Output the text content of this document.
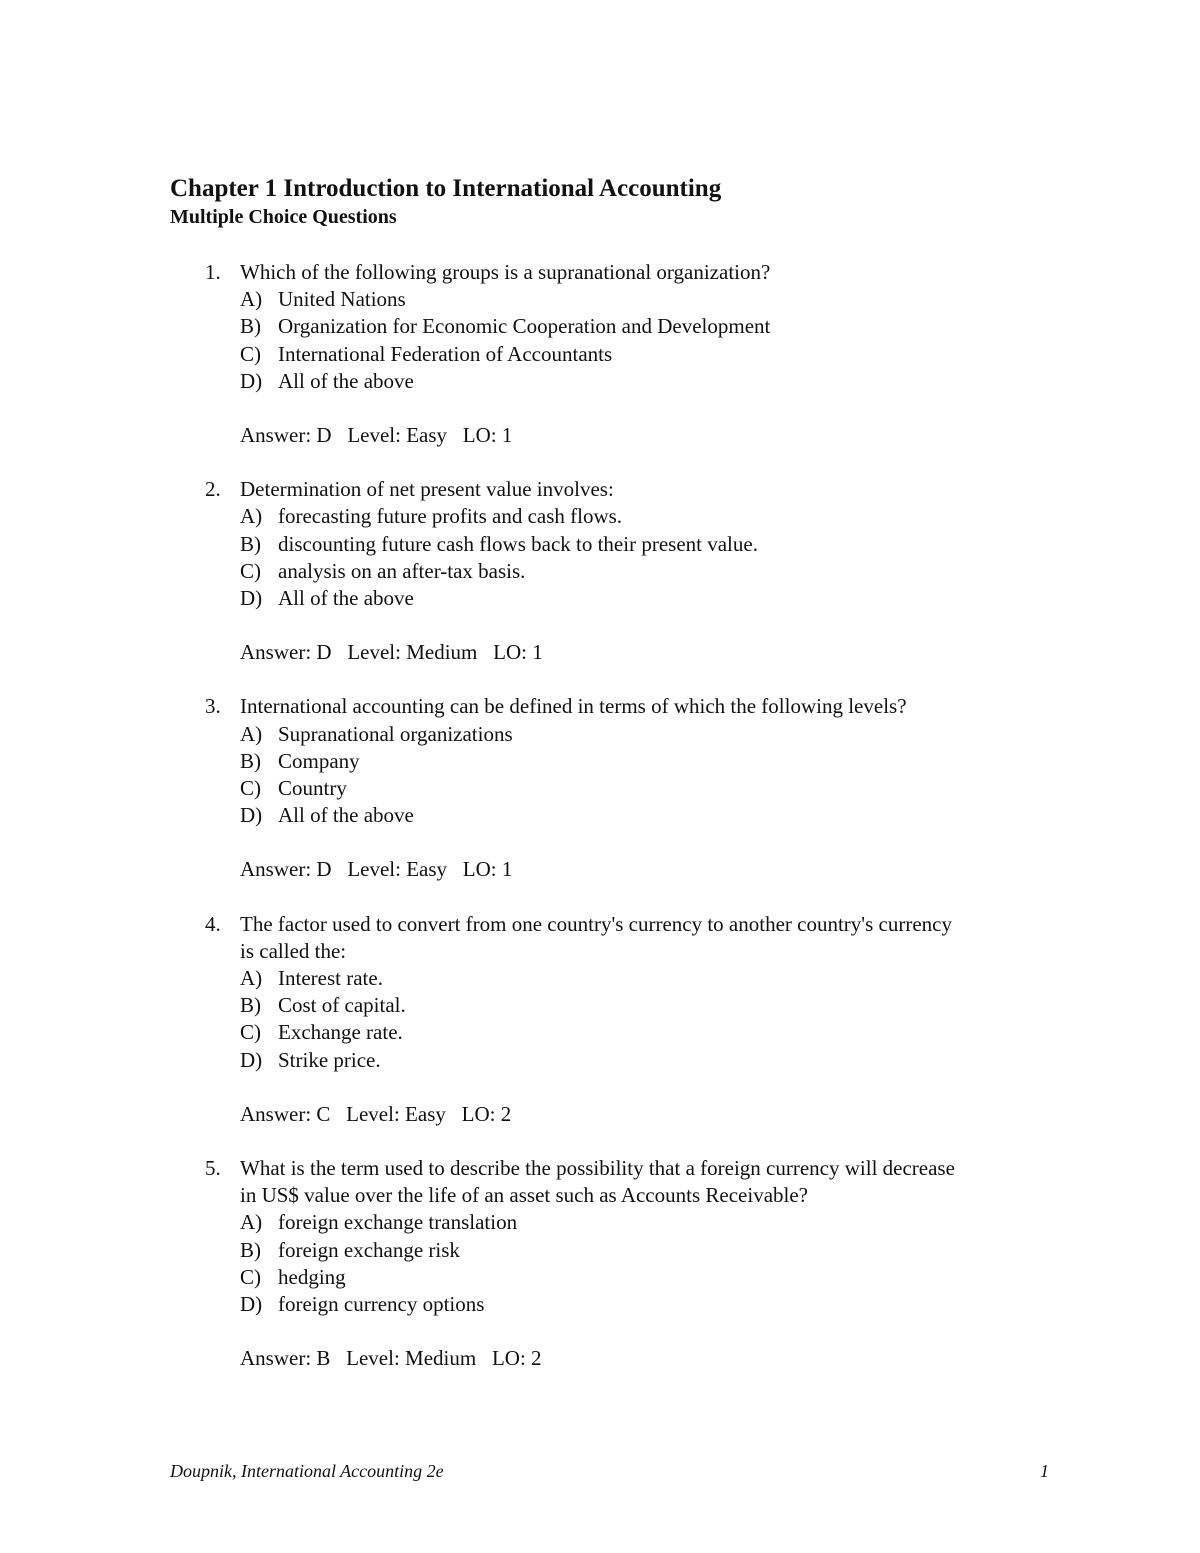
Chapter 1 Introduction to International Accounting
Multiple Choice Questions
1. Which of the following groups is a supranational organization?
A) United Nations
B) Organization for Economic Cooperation and Development
C) International Federation of Accountants
D) All of the above
Answer: D   Level: Easy   LO: 1
2. Determination of net present value involves:
A) forecasting future profits and cash flows.
B) discounting future cash flows back to their present value.
C) analysis on an after-tax basis.
D) All of the above
Answer: D   Level: Medium   LO: 1
3. International accounting can be defined in terms of which the following levels?
A) Supranational organizations
B) Company
C) Country
D) All of the above
Answer: D   Level: Easy   LO: 1
4. The factor used to convert from one country's currency to another country's currency
is called the:
A) Interest rate.
B) Cost of capital.
C) Exchange rate.
D) Strike price.
Answer: C   Level: Easy   LO: 2
5. What is the term used to describe the possibility that a foreign currency will decrease
in US$ value over the life of an asset such as Accounts Receivable?
A) foreign exchange translation
B) foreign exchange risk
C) hedging
D) foreign currency options
Answer: B   Level: Medium   LO: 2
Doupnik, International Accounting 2e	1
